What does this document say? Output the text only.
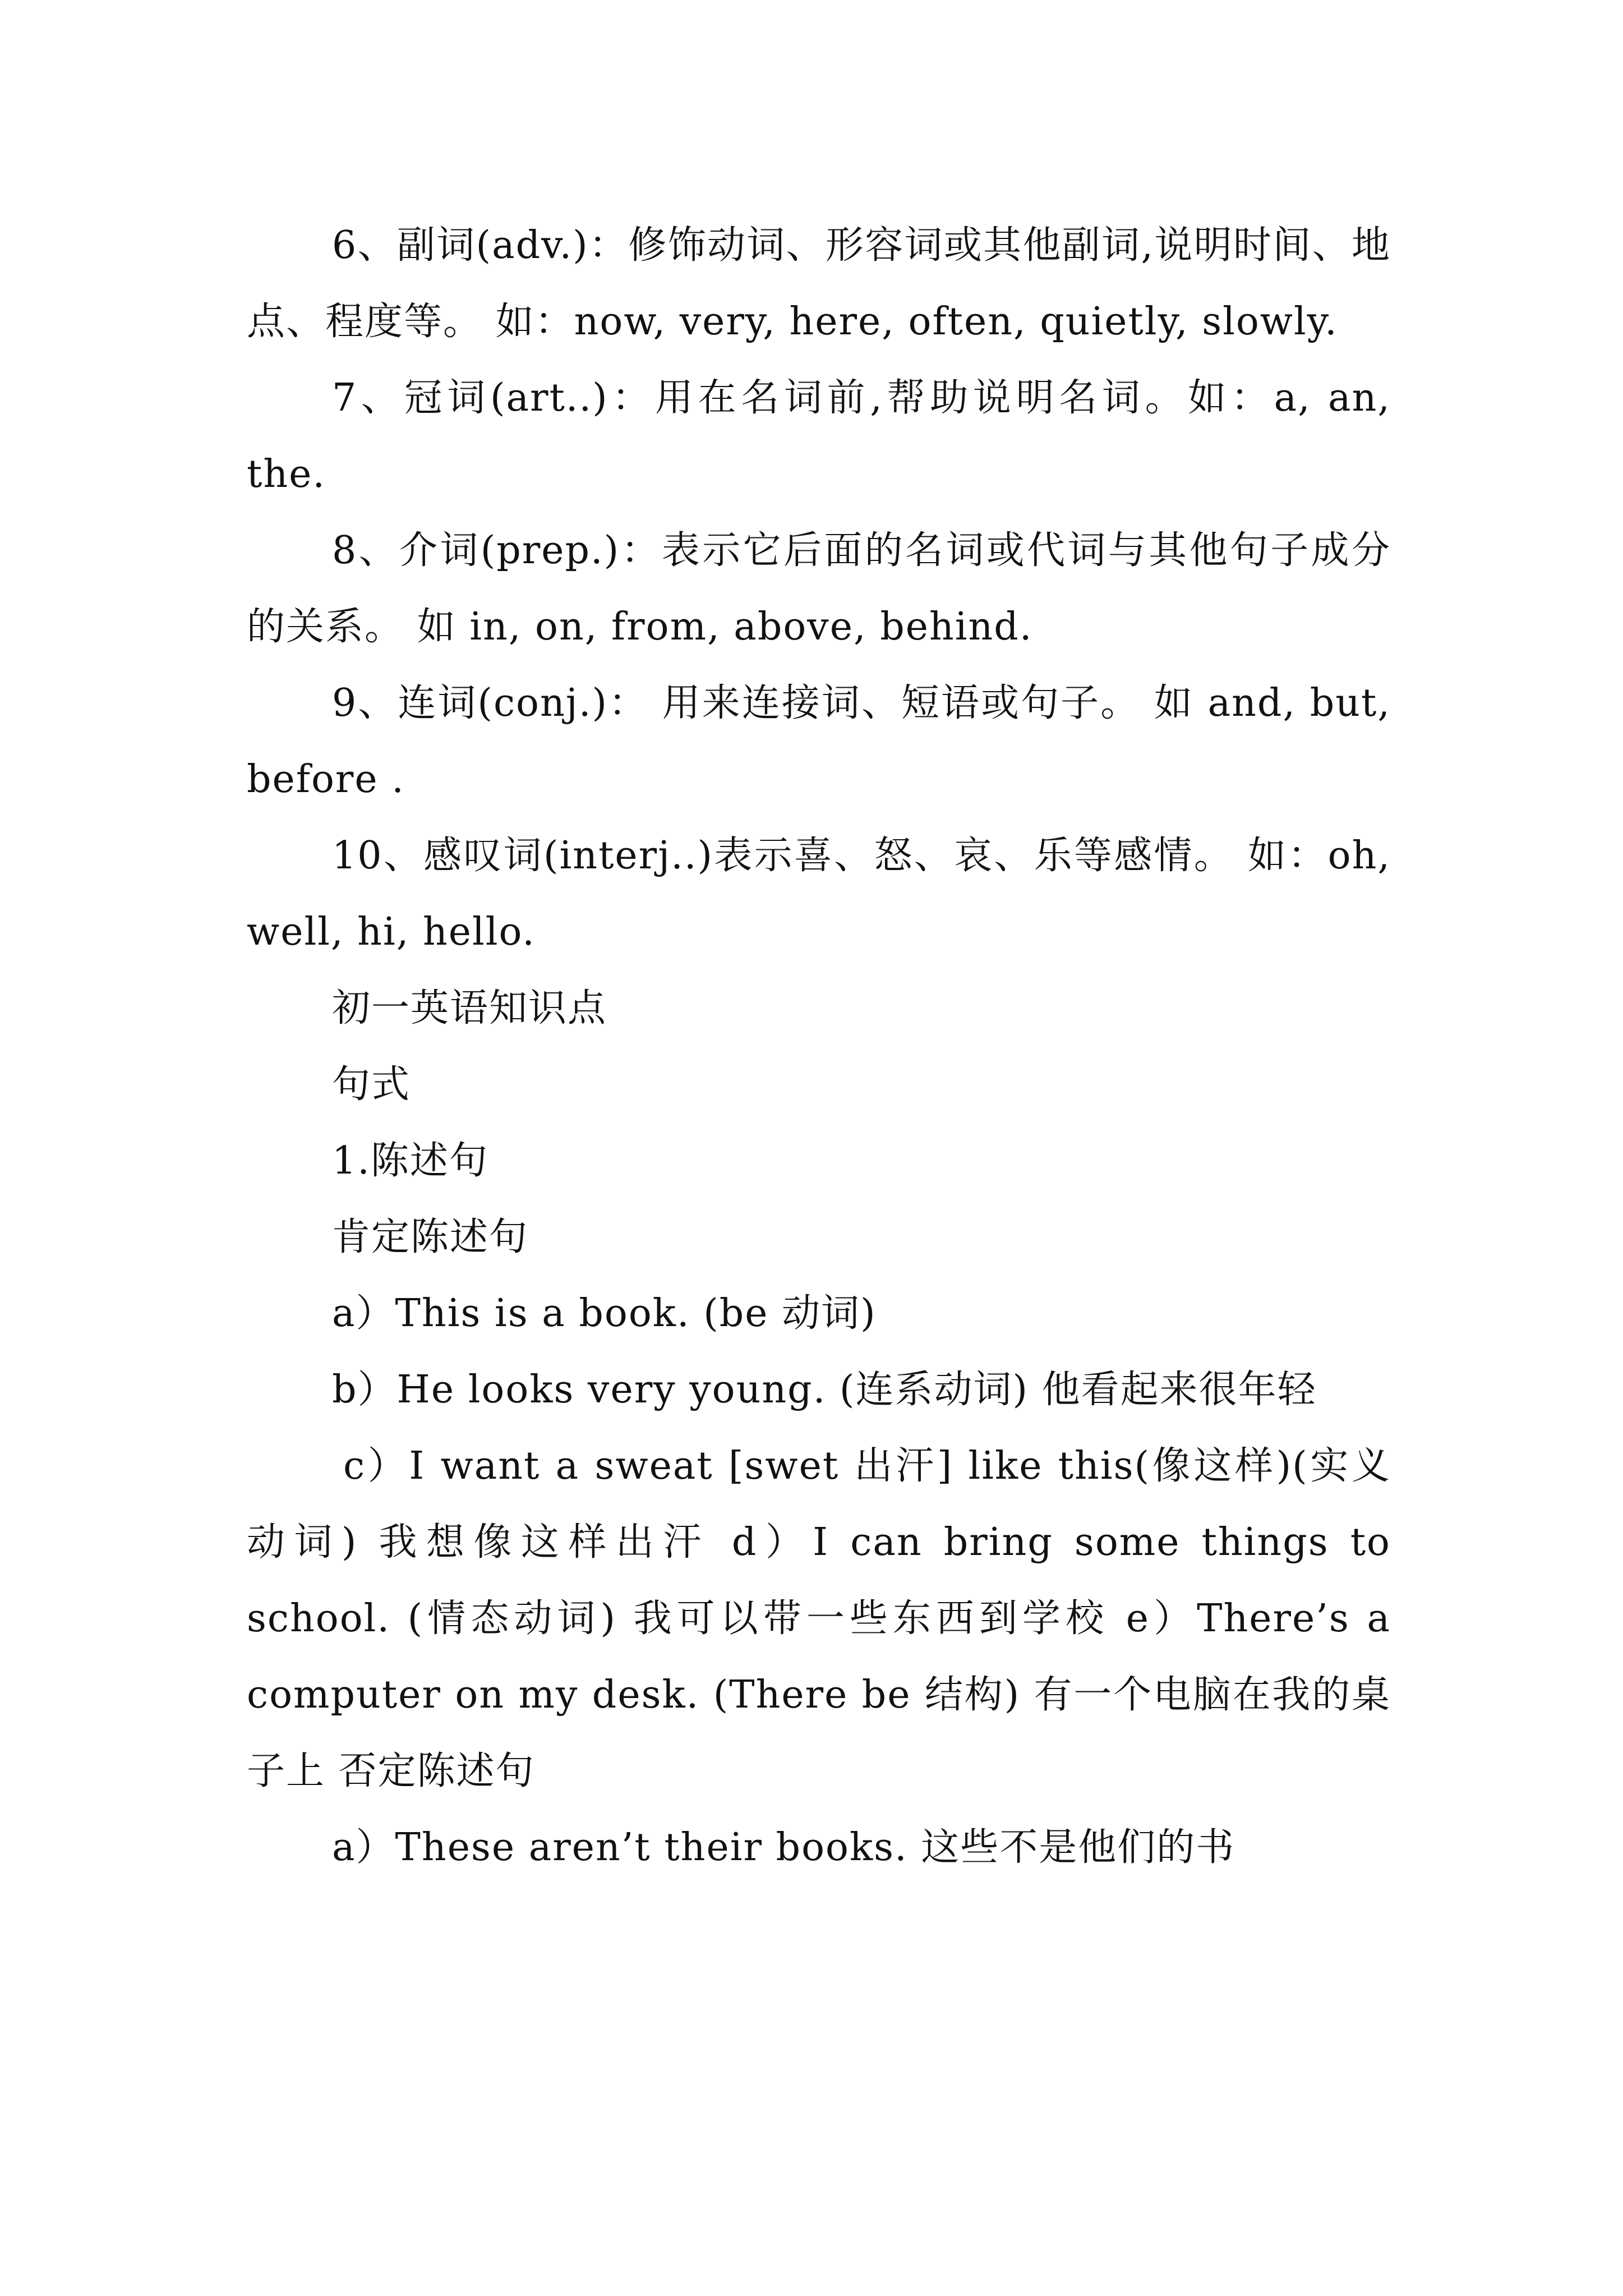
6、副词(adv.)：修饰动词、形容词或其他副词,说明时间、地点、程度等。 如：now, very, here, often, quietly, slowly.

7、冠词(art..)：用在名词前,帮助说明名词。如：a, an, the.

8、介词(prep.)：表示它后面的名词或代词与其他句子成分的关系。 如 in, on, from, above, behind.

9、连词(conj.)： 用来连接词、短语或句子。 如 and, but, before .

10、感叹词(interj..)表示喜、怒、哀、乐等感情。 如：oh, well, hi, hello.

初一英语知识点

句式

1.陈述句

肯定陈述句

a）This is a book. (be 动词)

b）He looks very young. (连系动词) 他看起来很年轻

c）I want a sweat [swet 出汗] like this(像这样)(实义动词) 我想像这样出汗 d）I can bring some things to school. (情态动词) 我可以带一些东西到学校 e）There’s a computer on my desk. (There be 结构) 有一个电脑在我的桌子上 否定陈述句

a）These aren’t their books. 这些不是他们的书
